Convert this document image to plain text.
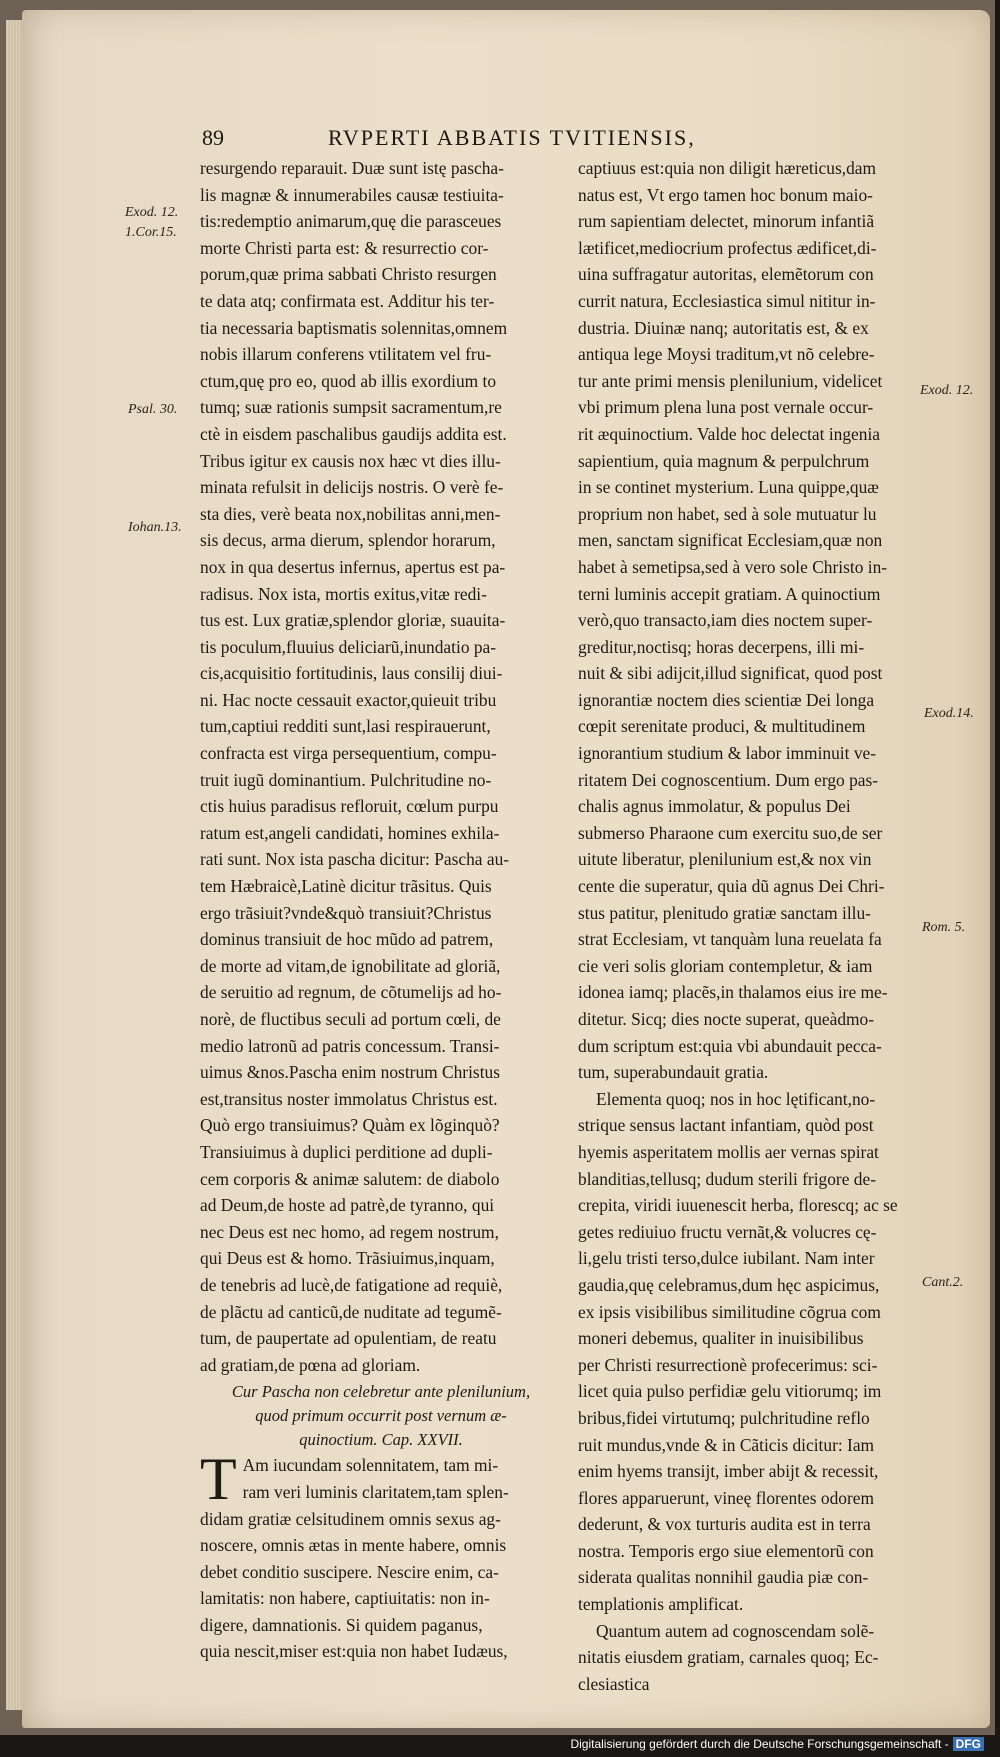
89	RVPERTI ABBATIS TVITIENSIS,
Exod. 12.
1.Cor.15.
Psal. 30.
Iohan.13.
Exod. 12.
Exod.14.
Rom. 5.
Cant.2.
resurgendo reparauit. Duæ sunt istę pascha-
lis magnæ & innumerabiles causæ testiuita-
tis:redemptio animarum,quę die parasceues
morte Christi parta est: & resurrectio cor-
porum,quæ prima sabbati Christo resurgen
te data atq; confirmata est. Additur his ter-
tia necessaria baptismatis solennitas,omnem
nobis illarum conferens vtilitatem vel fru-
ctum,quę pro eo, quod ab illis exordium to
tumq; suæ rationis sumpsit sacramentum,re
ctè in eisdem paschalibus gaudijs addita est.
Tribus igitur ex causis nox hæc vt dies illu-
minata refulsit in delicijs nostris. O verè fe-
sta dies, verè beata nox,nobilitas anni,men-
sis decus, arma dierum, splendor horarum,
nox in qua desertus infernus, apertus est pa-
radisus. Nox ista, mortis exitus,vitæ redi-
tus est. Lux gratiæ,splendor gloriæ, suauita-
tis poculum,fluuius deliciarũ,inundatio pa-
cis,acquisitio fortitudinis, laus consilij diui-
ni. Hac nocte cessauit exactor,quieuit tribu
tum,captiui redditi sunt,lasi respirauerunt,
confracta est virga persequentium, compu-
truit iugũ dominantium. Pulchritudine no-
ctis huius paradisus refloruit, cœlum purpu
ratum est,angeli candidati, homines exhila-
rati sunt. Nox ista pascha dicitur: Pascha au-
tem Hæbraicè,Latinè dicitur trãsitus. Quis
ergo trãsiuit?vnde&quò transiuit?Christus
dominus transiuit de hoc mũdo ad patrem,
de morte ad vitam,de ignobilitate ad gloriã,
de seruitio ad regnum, de cõtumelijs ad ho-
norè, de fluctibus seculi ad portum cœli, de
medio latronũ ad patris concessum. Transi-
uimus &nos.Pascha enim nostrum Christus
est,transitus noster immolatus Christus est.
Quò ergo transiuimus? Quàm ex lõginquò?
Transiuimus à duplici perditione ad dupli-
cem corporis & animæ salutem: de diabolo
ad Deum,de hoste ad patrè,de tyranno, qui
nec Deus est nec homo, ad regem nostrum,
qui Deus est & homo. Trãsiuimus,inquam,
de tenebris ad lucè,de fatigatione ad requiè,
de plãctu ad canticũ,de nuditate ad tegumẽ-
tum, de paupertate ad opulentiam, de reatu
ad gratiam,de pœna ad gloriam.
Cur Pascha non celebretur ante plenilunium,
quod primum occurrit post vernum æ-
quinoctium. Cap. XXVII.
T Am iucundam solennitatem, tam mi-
ram veri luminis claritatem,tam splen-
didam gratiæ celsitudinem omnis sexus ag-
noscere, omnis ætas in mente habere, omnis
debet conditio suscipere. Nescire enim, ca-
lamitatis: non habere, captiuitatis: non in-
digere, damnationis. Si quidem paganus,
quia nescit,miser est:quia non habet Iudæus,
captiuus est:quia non diligit hæreticus,dam
natus est, Vt ergo tamen hoc bonum maio-
rum sapientiam delectet, minorum infantiã
lætificet,mediocrium profectus ædificet,di-
uina suffragatur autoritas, elemẽtorum con
currit natura, Ecclesiastica simul nititur in-
dustria. Diuinæ nanq; autoritatis est, & ex
antiqua lege Moysi traditum,vt nõ celebre-
tur ante primi mensis plenilunium, videlicet
vbi primum plena luna post vernale occur-
rit æquinoctium. Valde hoc delectat ingenia
sapientium, quia magnum & perpulchrum
in se continet mysterium. Luna quippe,quæ
proprium non habet, sed à sole mutuatur lu
men, sanctam significat Ecclesiam,quæ non
habet à semetipsa,sed à vero sole Christo in-
terni luminis accepit gratiam. A quinoctium
verò,quo transacto,iam dies noctem super-
greditur,noctisq; horas decerpens, illi mi-
nuit & sibi adijcit,illud significat, quod post
ignorantiæ noctem dies scientiæ Dei longa
cœpit serenitate produci, & multitudinem
ignorantium studium & labor imminuit ve-
ritatem Dei cognoscentium. Dum ergo pas-
chalis agnus immolatur, & populus Dei
submerso Pharaone cum exercitu suo,de ser
uitute liberatur, plenilunium est,& nox vin
cente die superatur, quia dũ agnus Dei Chri-
stus patitur, plenitudo gratiæ sanctam illu-
strat Ecclesiam, vt tanquàm luna reuelata fa
cie veri solis gloriam contempletur, & iam
idonea iamq; placẽs,in thalamos eius ire me-
ditetur. Sicq; dies nocte superat, queàdmo-
dum scriptum est:quia vbi abundauit pecca-
tum, superabundauit gratia.
Elementa quoq; nos in hoc lętificant,no-
strique sensus lactant infantiam, quòd post
hyemis asperitatem mollis aer vernas spirat
blanditias,tellusq; dudum sterili frigore de-
crepita, viridi iuuenescit herba, florescq; ac se
getes rediuiuo fructu vernãt,& volucres cę-
li,gelu tristi terso,dulce iubilant. Nam inter
gaudia,quę celebramus,dum hęc aspicimus,
ex ipsis visibilibus similitudine cõgrua com
moneri debemus, qualiter in inuisibilibus
per Christi resurrectionè profecerimus: sci-
licet quia pulso perfidiæ gelu vitiorumq; im
bribus,fidei virtutumq; pulchritudine reflo
ruit mundus,vnde & in Cãticis dicitur: Iam
enim hyems transijt, imber abijt & recessit,
flores apparuerunt, vineę florentes odorem
dederunt, & vox turturis audita est in terra
nostra. Temporis ergo siue elementorũ con
siderata qualitas nonnihil gaudia piæ con-
templationis amplificat.
Quantum autem ad cognoscendam solẽ-
nitatis eiusdem gratiam, carnales quoq; Ec-
clesiastica
Digitalisierung gefördert durch die Deutsche Forschungsgemeinschaft - DFG
